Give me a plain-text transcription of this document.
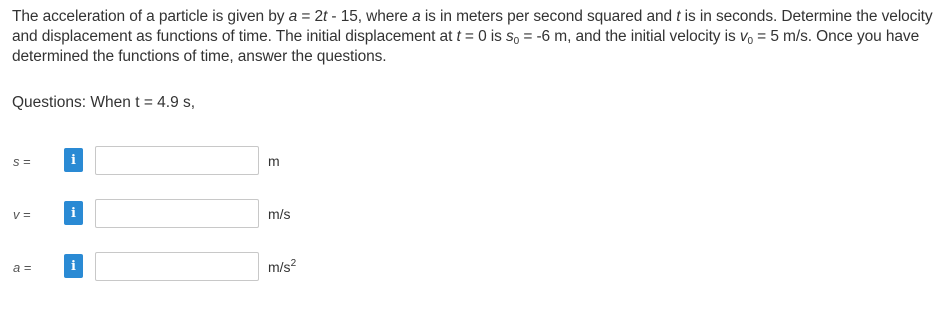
The acceleration of a particle is given by a = 2t - 15, where a is in meters per second squared and t is in seconds. Determine the velocity and displacement as functions of time. The initial displacement at t = 0 is $s_0 = -6$ m, and the initial velocity is $v_0 = 5$ m/s. Once you have determined the functions of time, answer the questions.
Questions: When t = 4.9 s,
s =	i	m
v =	i	m/s
a =	i	$m/s^2$
